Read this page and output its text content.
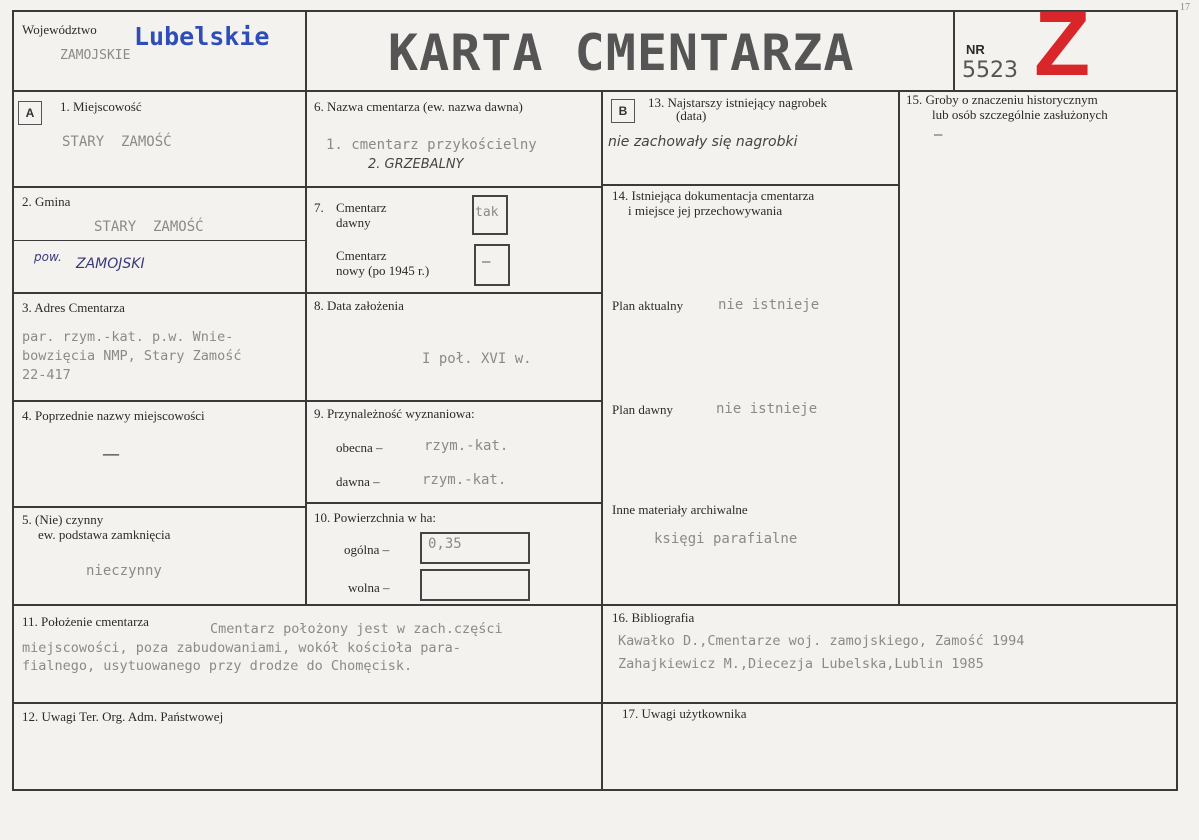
Województwo Lubelskie
ZAMOJSKIE	KARTA CMENTARZA	NR
5523 Z	17
A	1. Miejscowość
STARY  ZAMOŚĆ
2. Gmina
STARY  ZAMOŚĆ
pow. ZAMOJSKI
3. Adres Cmentarza
par. rzym.-kat. p.w. Wnie-
bowzięcia NMP, Stary Zamość
22-417
4. Poprzednie nazwy miejscowości
—
5. (Nie) czynny
ew. podstawa zamknięcia
nieczynny
6. Nazwa cmentarza (ew. nazwa dawna)
1. cmentarz przykościelny
2. GRZEBALNY
7. Cmentarz
dawny
tak
Cmentarz
nowy (po 1945 r.)
—
8. Data założenia
I poł. XVI w.
9. Przynależność wyznaniowa:
obecna –	rzym.-kat.
dawna –	rzym.-kat.
10. Powierzchnia w ha:
ogólna –	0,35
wolna –
11. Położenie cmentarza	Cmentarz położony jest w zach.części
miejscowości, poza zabudowaniami, wokół kościoła para-
fialnego, usytuowanego przy drodze do Chomęcisk.
12. Uwagi Ter. Org. Adm. Państwowej
B
13. Najstarszy istniejący nagrobek
(data)
nie zachowały się nagrobki
14. Istniejąca dokumentacja cmentarza
i miejsce jej przechowywania
Plan aktualny nie istnieje
Plan dawny	nie istnieje
Inne materiały archiwalne
księgi parafialne
15. Groby o znaczeniu historycznym
lub osób szczególnie zasłużonych
—
16. Bibliografia
Kawałko D.,Cmentarze woj. zamojskiego, Zamość 1994
Zahajkiewicz M.,Diecezja Lubelska,Lublin 1985
17. Uwagi użytkownika
